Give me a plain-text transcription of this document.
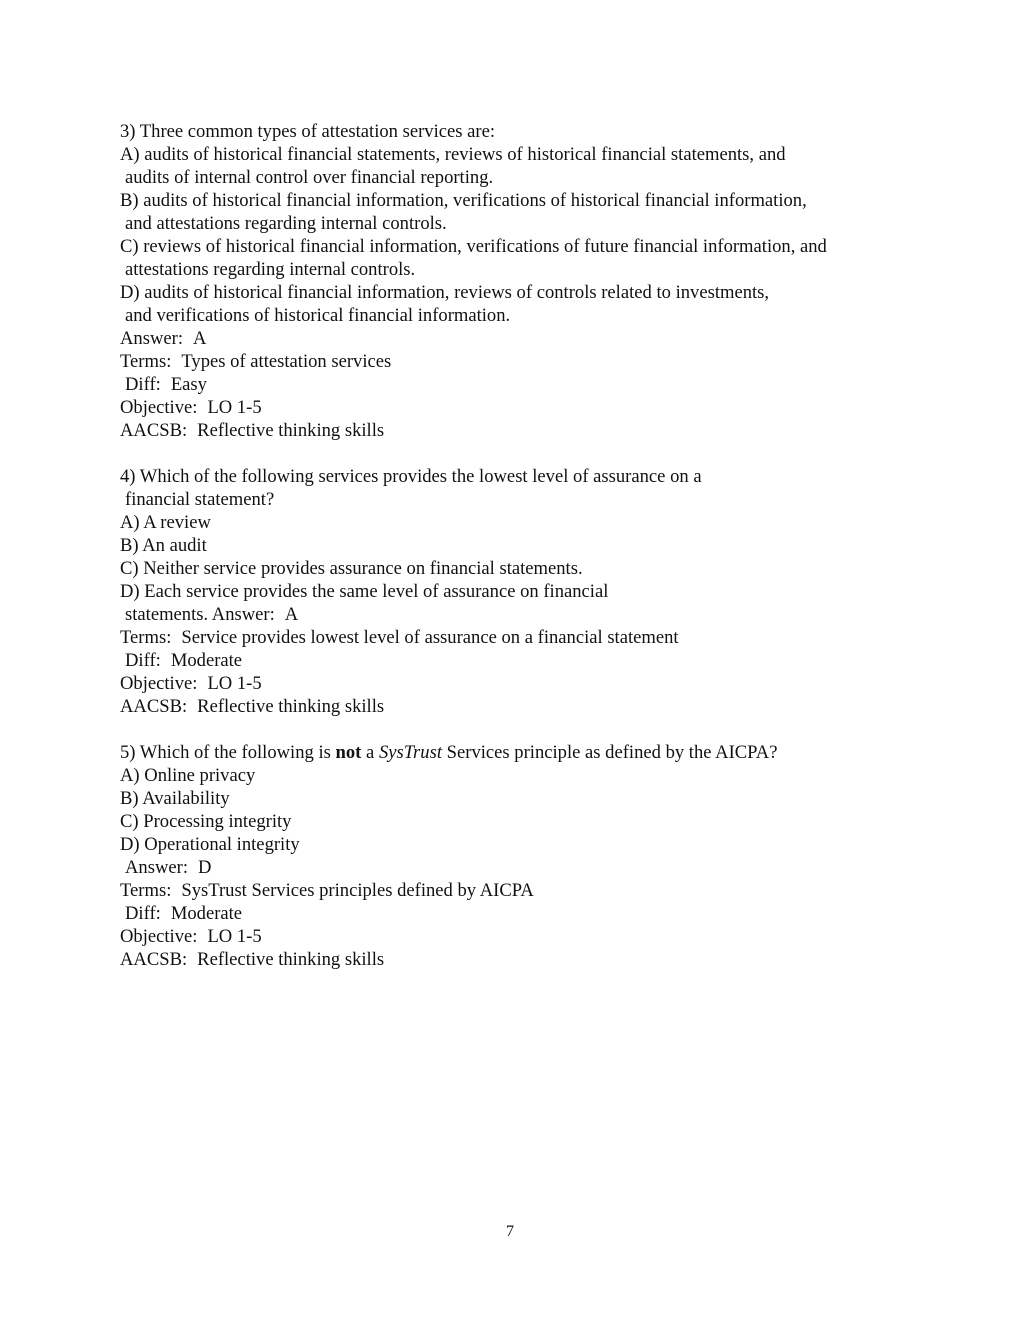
3) Three common types of attestation services are:
A) audits of historical financial statements, reviews of historical financial statements, and
audits of internal control over financial reporting.
B) audits of historical financial information, verifications of historical financial information,
and attestations regarding internal controls.
C) reviews of historical financial information, verifications of future financial information, and
attestations regarding internal controls.
D) audits of historical financial information, reviews of controls related to investments,
and verifications of historical financial information.
Answer: A
Terms: Types of attestation services
Diff: Easy
Objective: LO 1-5
AACSB: Reflective thinking skills
4) Which of the following services provides the lowest level of assurance on a
financial statement?
A) A review
B) An audit
C) Neither service provides assurance on financial statements.
D) Each service provides the same level of assurance on financial
statements. Answer: A
Terms: Service provides lowest level of assurance on a financial statement
Diff: Moderate
Objective: LO 1-5
AACSB: Reflective thinking skills
5) Which of the following is not a SysTrust Services principle as defined by the AICPA?
A) Online privacy
B) Availability
C) Processing integrity
D) Operational integrity
Answer: D
Terms: SysTrust Services principles defined by AICPA
Diff: Moderate
Objective: LO 1-5
AACSB: Reflective thinking skills
7
